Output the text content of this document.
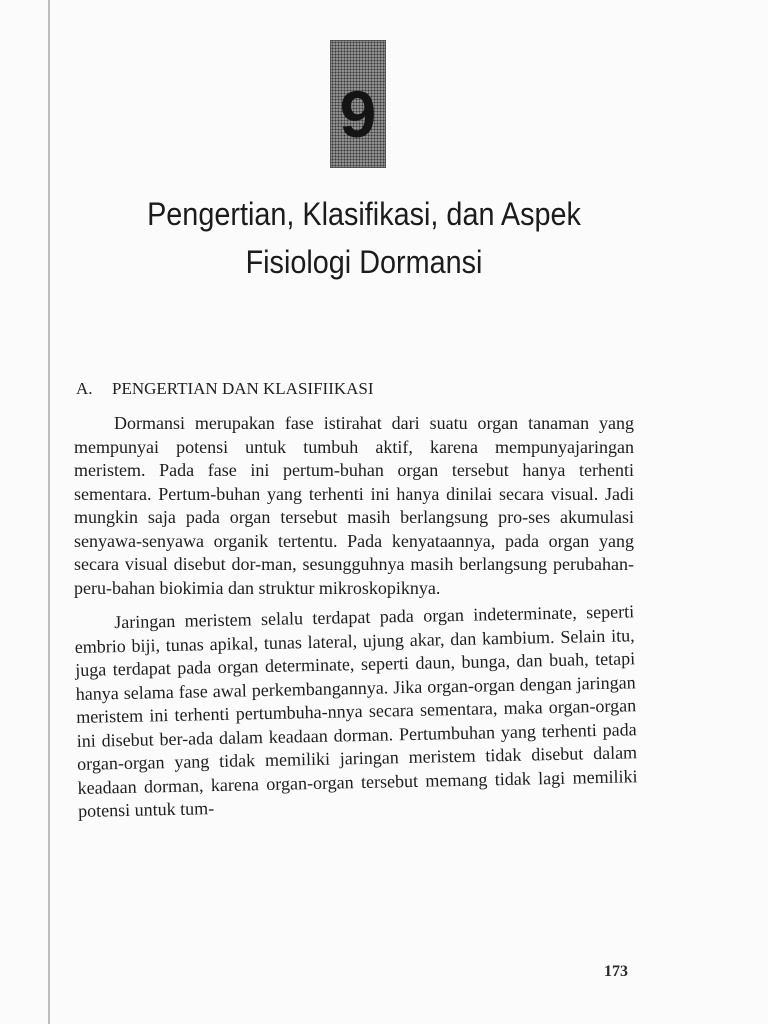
9
Pengertian, Klasifikasi, dan Aspek
Fisiologi Dormansi
A. PENGERTIAN DAN KLASIFIIKASI

Dormansi merupakan fase istirahat dari suatu organ tanaman yang mempunyai potensi untuk tumbuh aktif, karena mempunyajaringan meristem. Pada fase ini pertum-buhan organ tersebut hanya terhenti sementara. Pertum-buhan yang terhenti ini hanya dinilai secara visual. Jadi mungkin saja pada organ tersebut masih berlangsung pro-ses akumulasi senyawa-senyawa organik tertentu. Pada kenyataannya, pada organ yang secara visual disebut dor-man, sesungguhnya masih berlangsung perubahan-peru-bahan biokimia dan struktur mikroskopiknya.

Jaringan meristem selalu terdapat pada organ indeterminate, seperti embrio biji, tunas apikal, tunas lateral, ujung akar, dan kambium. Selain itu, juga terdapat pada organ determinate, seperti daun, bunga, dan buah, tetapi hanya selama fase awal perkembangannya. Jika organ-organ dengan jaringan meristem ini terhenti pertumbuha-nnya secara sementara, maka organ-organ ini disebut ber-ada dalam keadaan dorman. Pertumbuhan yang terhenti pada organ-organ yang tidak memiliki jaringan meristem tidak disebut dalam keadaan dorman, karena organ-organ tersebut memang tidak lagi memiliki potensi untuk tum-

173
